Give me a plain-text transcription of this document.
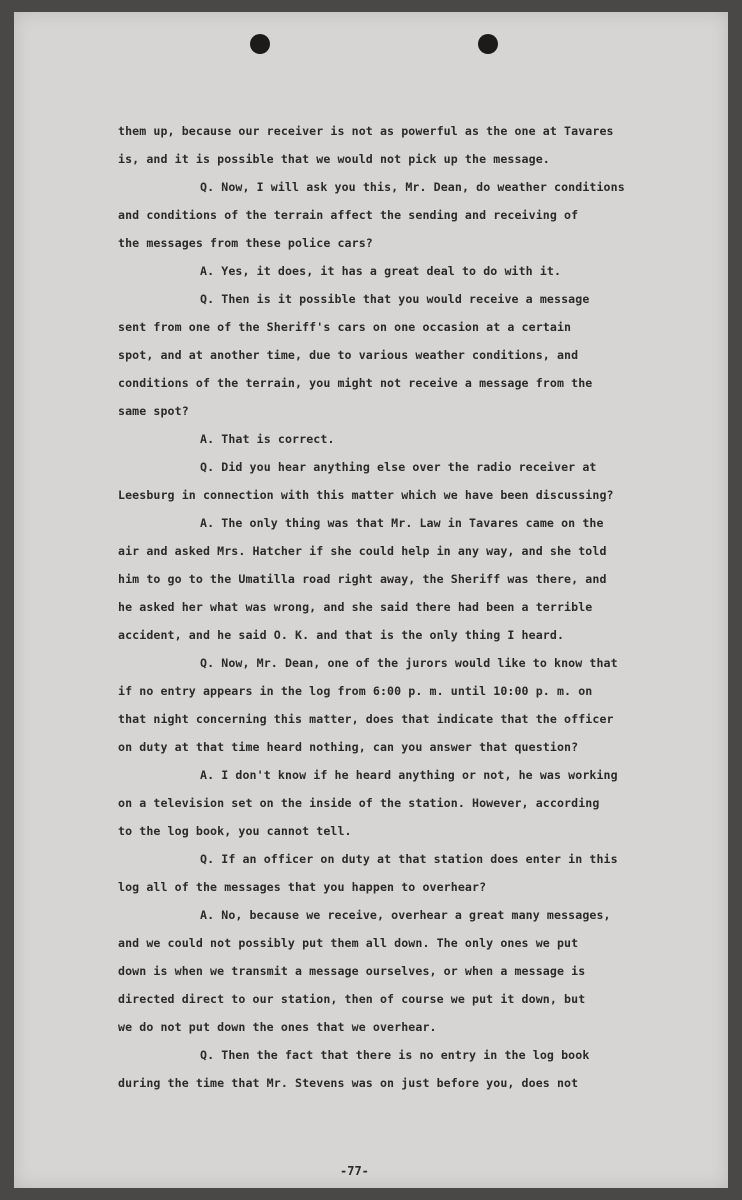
them up, because our receiver is not as powerful as the one at Tavares
is, and it is possible that we would not pick up the message.
Q. Now, I will ask you this, Mr. Dean, do weather conditions
and conditions of the terrain affect the sending and receiving of
the messages from these police cars?
A. Yes, it does, it has a great deal to do with it.
Q. Then is it possible that you would receive a message
sent from one of the Sheriff's cars on one occasion at a certain
spot, and at another time, due to various weather conditions, and
conditions of the terrain, you might not receive a message from the
same spot?
A. That is correct.
Q. Did you hear anything else over the radio receiver at
Leesburg in connection with this matter which we have been discussing?
A. The only thing was that Mr. Law in Tavares came on the
air and asked Mrs. Hatcher if she could help in any way, and she told
him to go to the Umatilla road right away, the Sheriff was there, and
he asked her what was wrong, and she said there had been a terrible
accident, and he said O. K. and that is the only thing I heard.
Q. Now, Mr. Dean, one of the jurors would like to know that
if no entry appears in the log from 6:00 p. m. until 10:00 p. m. on
that night concerning this matter, does that indicate that the officer
on duty at that time heard nothing, can you answer that question?
A. I don't know if he heard anything or not, he was working
on a television set on the inside of the station. However, according
to the log book, you cannot tell.
Q. If an officer on duty at that station does enter in this
log all of the messages that you happen to overhear?
A. No, because we receive, overhear a great many messages,
and we could not possibly put them all down. The only ones we put
down is when we transmit a message ourselves, or when a message is
directed direct to our station, then of course we put it down, but
we do not put down the ones that we overhear.
Q. Then the fact that there is no entry in the log book
during the time that Mr. Stevens was on just before you, does not
-77-
